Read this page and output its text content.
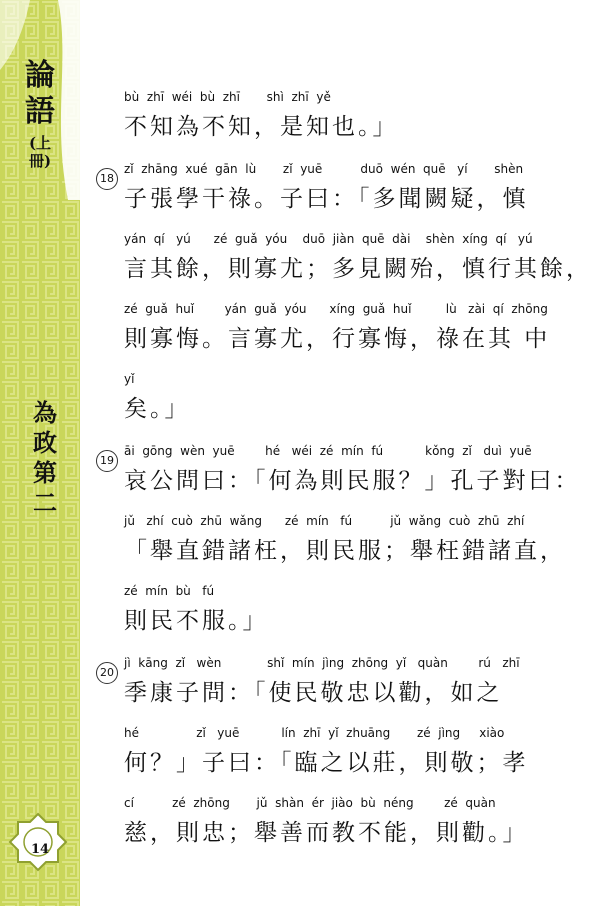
論語
(上冊)
為政第二
14
bù  zhī  wéi  bù  zhī       shì  zhī  yě
不知為不知，是知也。」
18
zǐ  zhāng  xué  gān  lù       zǐ  yuē          duō  wén  quē   yí       shèn
子張學干祿。子曰：「多聞闕疑，慎
yán  qí   yú      zé  guǎ  yóu    duō  jiàn  quē  dài    shèn  xíng  qí   yú
言其餘，則寡尤；多見闕殆，慎行其餘，
zé  guǎ  huǐ        yán  guǎ  yóu      xíng  guǎ  huǐ         lù   zài  qí  zhōng
則寡悔。言寡尤，行寡悔，祿在其 中
yǐ
矣。」
19
āi  gōng  wèn  yuē        hé   wéi  zé  mín  fú           kǒng  zǐ   duì  yuē
哀公問曰：「何為則民服？」孔子對曰：
jǔ   zhí  cuò  zhū  wǎng      zé  mín   fú          jǔ  wǎng  cuò  zhū  zhí
「舉直錯諸枉，則民服；舉枉錯諸直，
zé  mín  bù   fú
則民不服。」
20
jì  kāng  zǐ   wèn            shǐ  mín  jìng  zhōng  yǐ   quàn        rú   zhī
季康子問：「使民敬忠以勸，如之
hé               zǐ   yuē           lín  zhī  yǐ  zhuāng       zé  jìng     xiào
何？」子曰：「臨之以莊，則敬；孝
cí          zé  zhōng       jǔ  shàn  ér  jiào  bù  néng        zé  quàn
慈，則忠；舉善而教不能，則勸。」
